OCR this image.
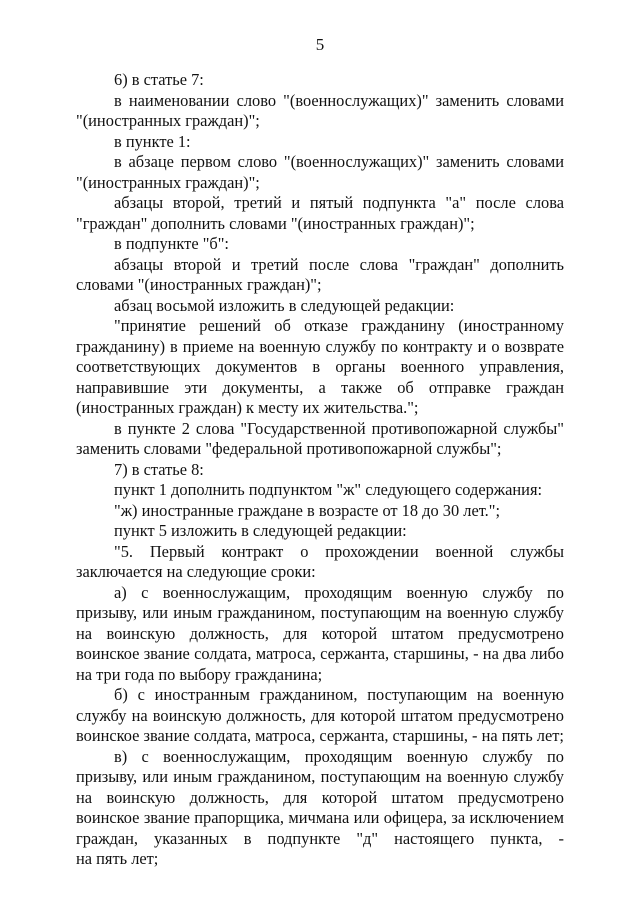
5

6) в статье 7:

в наименовании слово "(военнослужащих)" заменить словами
"(иностранных граждан)";

в пункте 1:

в абзаце первом слово "(военнослужащих)" заменить словами
"(иностранных граждан)";

абзацы второй, третий и пятый подпункта "а" после слова
"граждан" дополнить словами "(иностранных граждан)";

в подпункте "б":

абзацы второй и третий после слова "граждан" дополнить
словами "(иностранных граждан)";

абзац восьмой изложить в следующей редакции:

"принятие решений об отказе гражданину (иностранному
гражданину) в приеме на военную службу по контракту и о возврате
соответствующих документов в органы военного управления,
направившие эти документы, а также об отправке граждан
(иностранных граждан) к месту их жительства.";

в пункте 2 слова "Государственной противопожарной службы"
заменить словами "федеральной противопожарной службы";

7) в статье 8:

пункт 1 дополнить подпунктом "ж" следующего содержания:

"ж) иностранные граждане в возрасте от 18 до 30 лет.";

пункт 5 изложить в следующей редакции:

"5. Первый контракт о прохождении военной службы
заключается на следующие сроки:

а) с военнослужащим, проходящим военную службу по
призыву, или иным гражданином, поступающим на военную службу
на воинскую должность, для которой штатом предусмотрено
воинское звание солдата, матроса, сержанта, старшины, - на два либо
на три года по выбору гражданина;

б) с иностранным гражданином, поступающим на военную
службу на воинскую должность, для которой штатом предусмотрено
воинское звание солдата, матроса, сержанта, старшины, - на пять лет;

в) с военнослужащим, проходящим военную службу по
призыву, или иным гражданином, поступающим на военную службу
на воинскую должность, для которой штатом предусмотрено
воинское звание прапорщика, мичмана или офицера, за исключением
граждан, указанных в подпункте "д" настоящего пункта, -
на пять лет;
